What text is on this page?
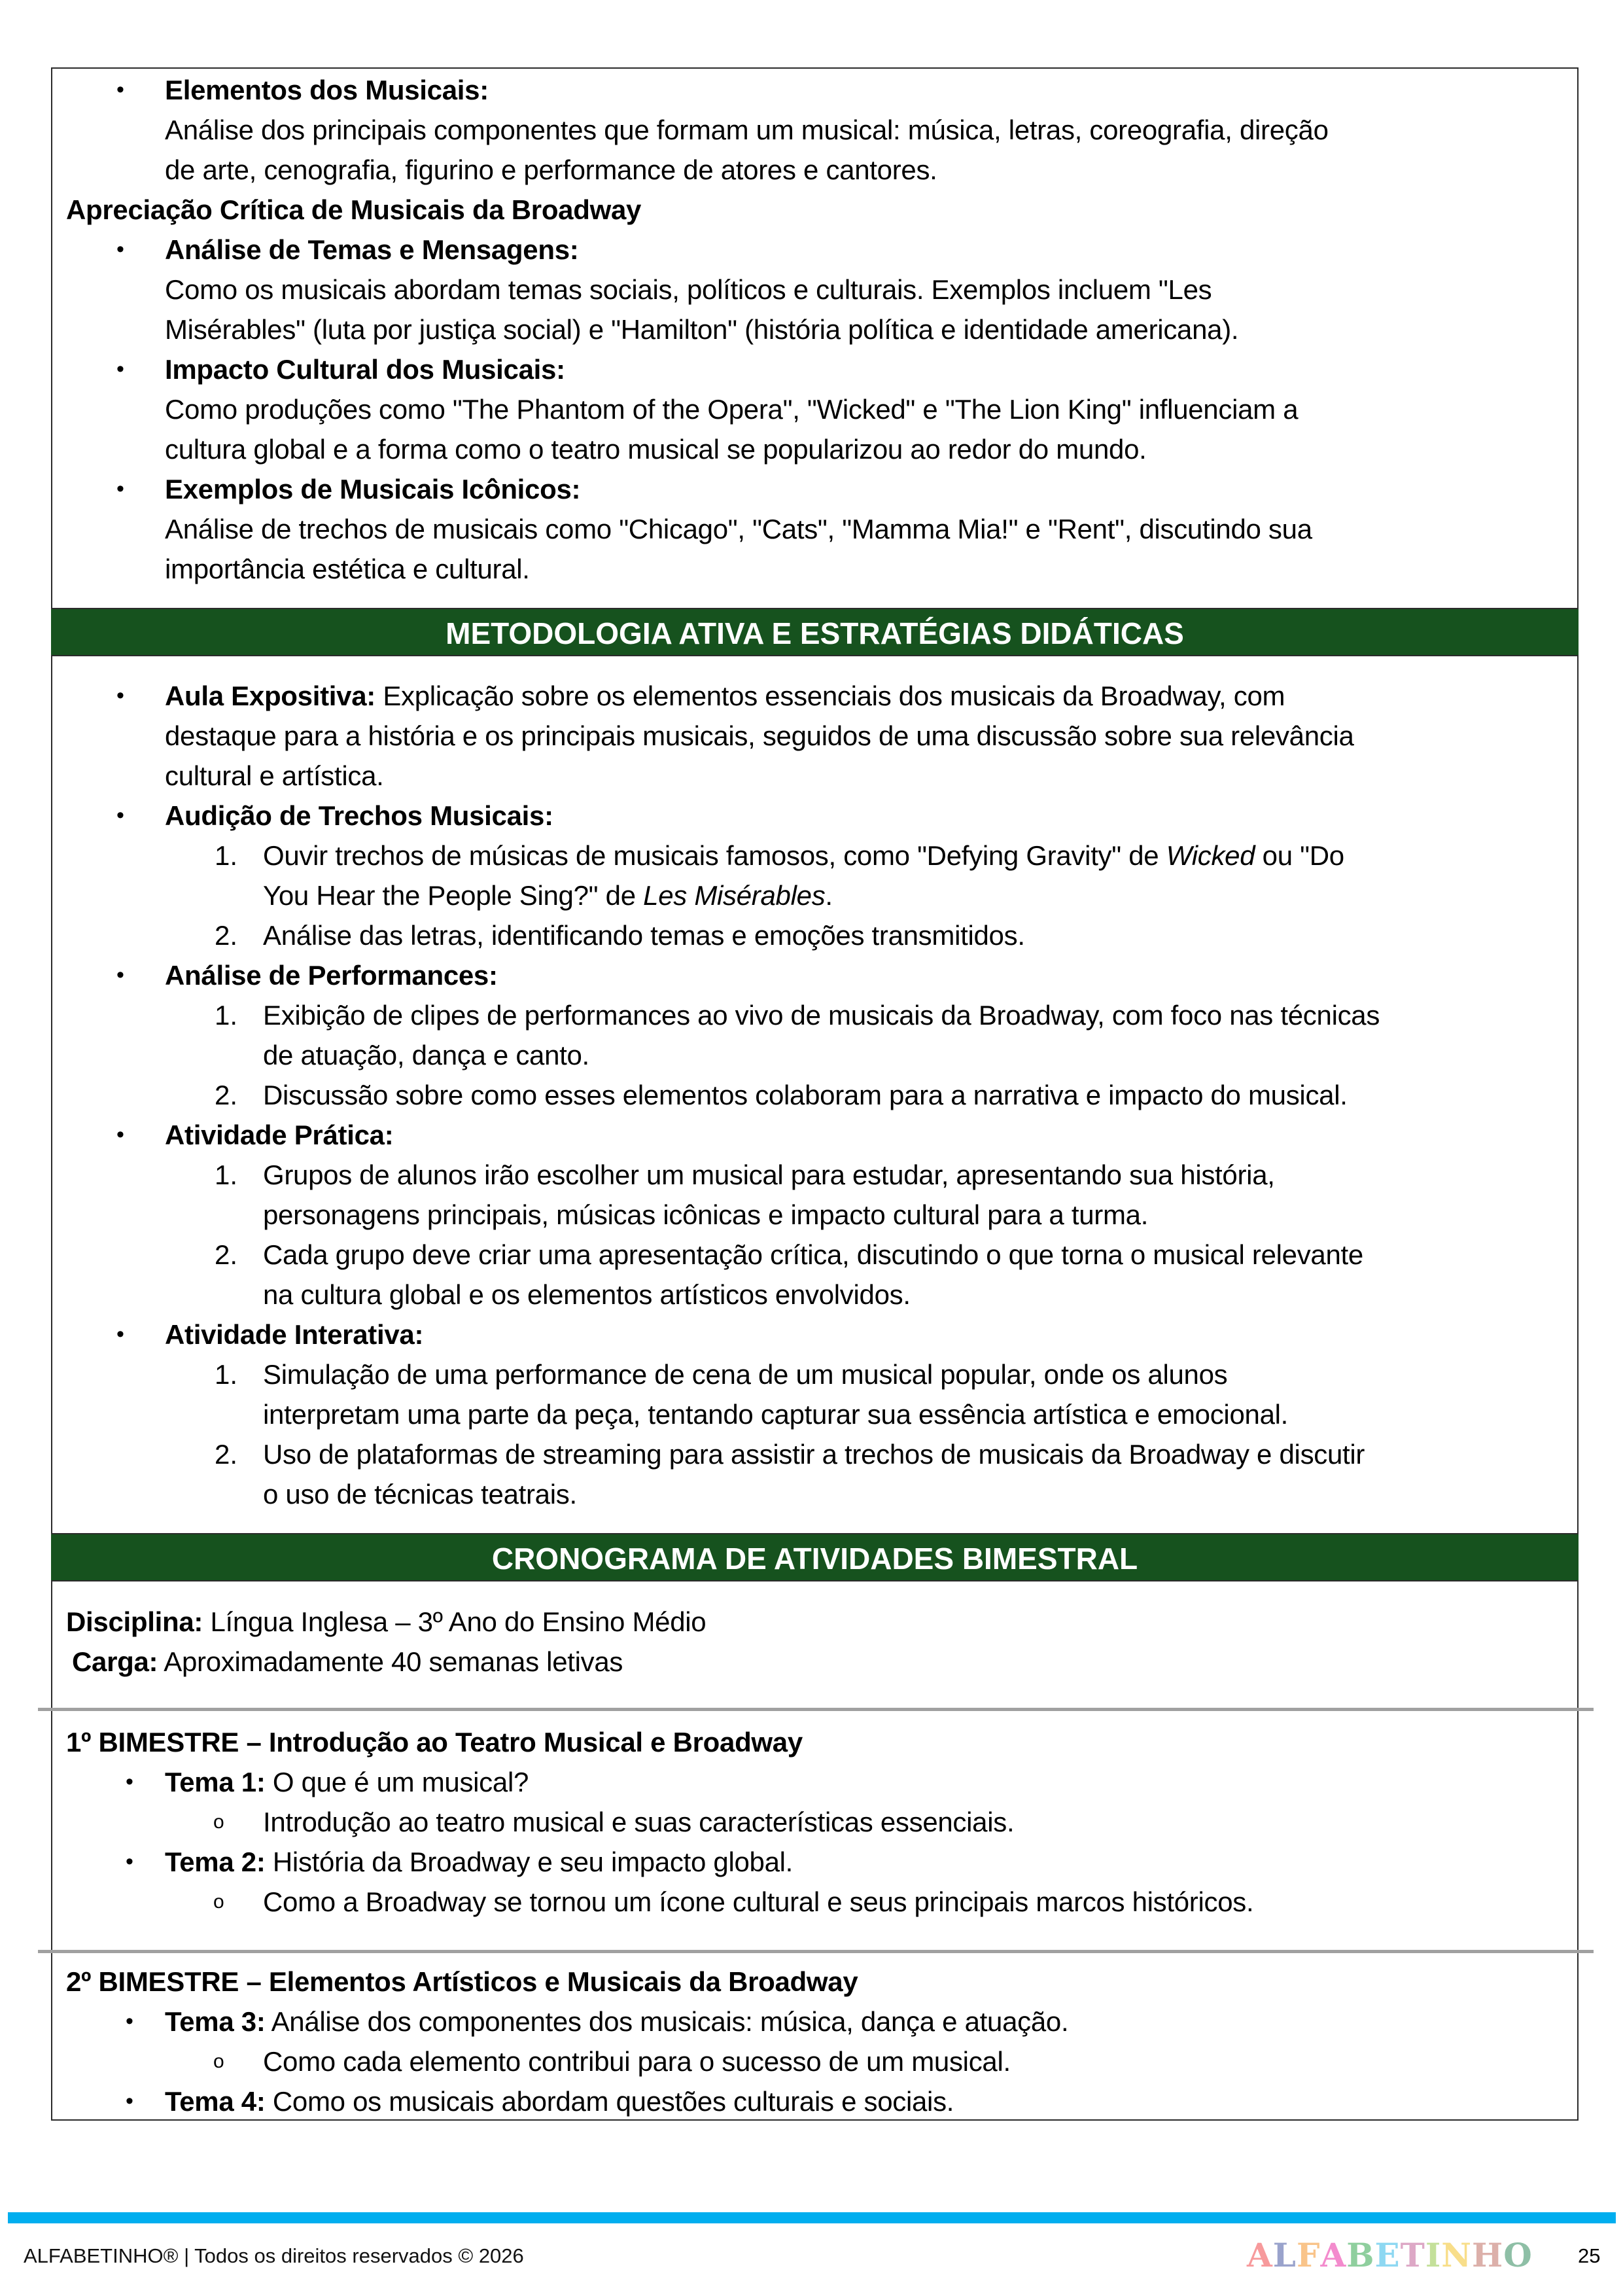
• Elementos dos Musicais:
Análise dos principais componentes que formam um musical: música, letras, coreografia, direção
de arte, cenografia, figurino e performance de atores e cantores.
Apreciação Crítica de Musicais da Broadway
• Análise de Temas e Mensagens:
Como os musicais abordam temas sociais, políticos e culturais. Exemplos incluem "Les
Misérables" (luta por justiça social) e "Hamilton" (história política e identidade americana).
• Impacto Cultural dos Musicais:
Como produções como "The Phantom of the Opera", "Wicked" e "The Lion King" influenciam a
cultura global e a forma como o teatro musical se popularizou ao redor do mundo.
• Exemplos de Musicais Icônicos:
Análise de trechos de musicais como "Chicago", "Cats", "Mamma Mia!" e "Rent", discutindo sua
importância estética e cultural.
METODOLOGIA ATIVA E ESTRATÉGIAS DIDÁTICAS
• Aula Expositiva: Explicação sobre os elementos essenciais dos musicais da Broadway, com
destaque para a história e os principais musicais, seguidos de uma discussão sobre sua relevância
cultural e artística.
• Audição de Trechos Musicais:
1. Ouvir trechos de músicas de musicais famosos, como "Defying Gravity" de Wicked ou "Do
You Hear the People Sing?" de Les Misérables.
2. Análise das letras, identificando temas e emoções transmitidos.
• Análise de Performances:
1. Exibição de clipes de performances ao vivo de musicais da Broadway, com foco nas técnicas
de atuação, dança e canto.
2. Discussão sobre como esses elementos colaboram para a narrativa e impacto do musical.
• Atividade Prática:
1. Grupos de alunos irão escolher um musical para estudar, apresentando sua história,
personagens principais, músicas icônicas e impacto cultural para a turma.
2. Cada grupo deve criar uma apresentação crítica, discutindo o que torna o musical relevante
na cultura global e os elementos artísticos envolvidos.
• Atividade Interativa:
1. Simulação de uma performance de cena de um musical popular, onde os alunos
interpretam uma parte da peça, tentando capturar sua essência artística e emocional.
2. Uso de plataformas de streaming para assistir a trechos de musicais da Broadway e discutir
o uso de técnicas teatrais.
CRONOGRAMA DE ATIVIDADES BIMESTRAL
Disciplina: Língua Inglesa – 3º Ano do Ensino Médio
Carga: Aproximadamente 40 semanas letivas
1º BIMESTRE – Introdução ao Teatro Musical e Broadway
• Tema 1: O que é um musical?
o Introdução ao teatro musical e suas características essenciais.
• Tema 2: História da Broadway e seu impacto global.
o Como a Broadway se tornou um ícone cultural e seus principais marcos históricos.
2º BIMESTRE – Elementos Artísticos e Musicais da Broadway
• Tema 3: Análise dos componentes dos musicais: música, dança e atuação.
o Como cada elemento contribui para o sucesso de um musical.
• Tema 4: Como os musicais abordam questões culturais e sociais.
ALFABETINHO® | Todos os direitos reservados © 2026	ALFABETINHO 25
